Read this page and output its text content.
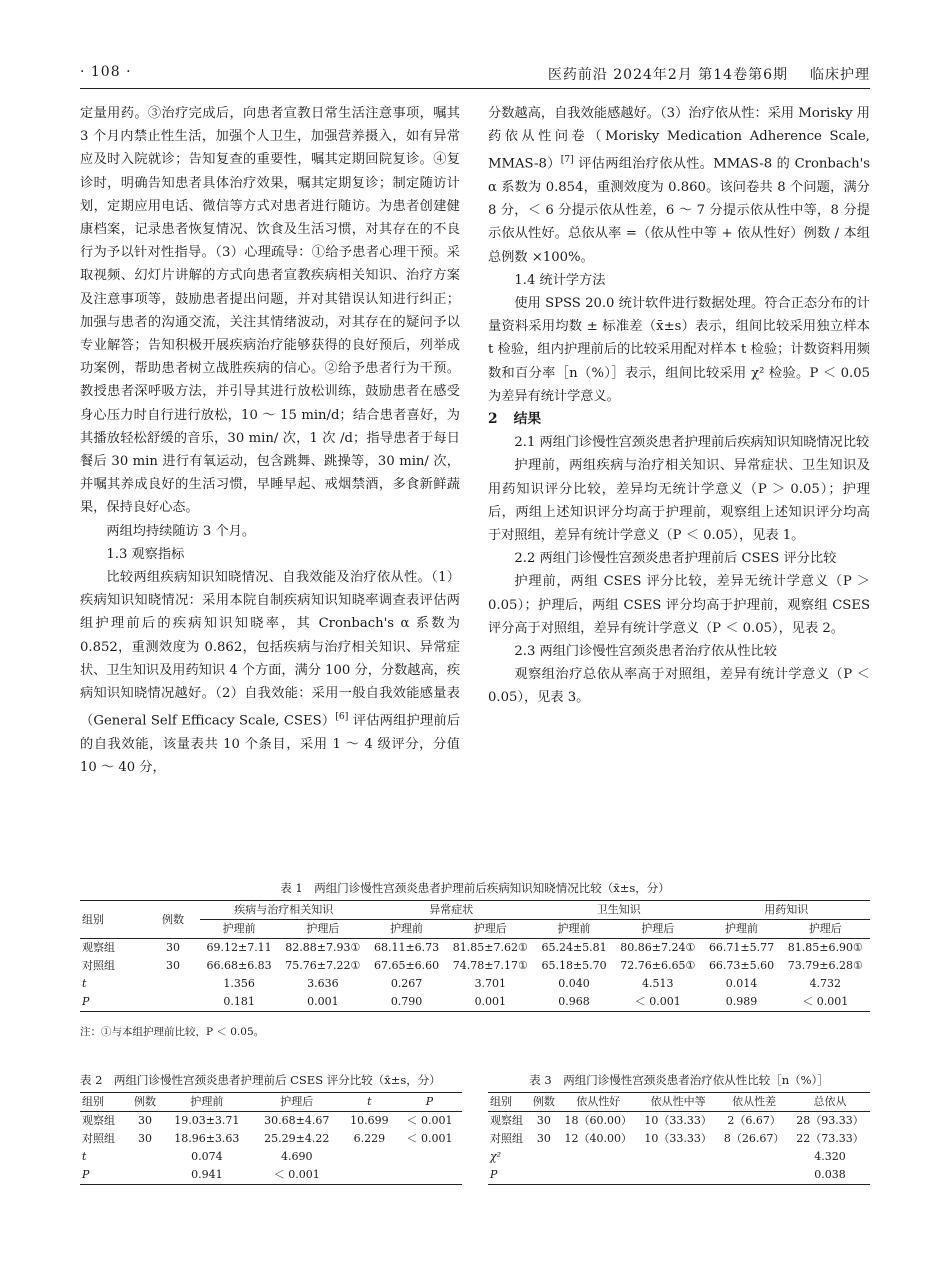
· 108 ·	医药前沿 2024年2月 第14卷第6期 临床护理

定量用药。③治疗完成后，向患者宣教日常生活注意事项，嘱其 3 个月内禁止性生活，加强个人卫生，加强营养摄入，如有异常应及时入院就诊；告知复查的重要性，嘱其定期回院复诊。④复诊时，明确告知患者具体治疗效果，嘱其定期复诊；制定随访计划，定期应用电话、微信等方式对患者进行随访。为患者创建健康档案，记录患者恢复情况、饮食及生活习惯，对其存在的不良行为予以针对性指导。（3）心理疏导：①给予患者心理干预。采取视频、幻灯片讲解的方式向患者宣教疾病相关知识、治疗方案及注意事项等，鼓励患者提出问题，并对其错误认知进行纠正；加强与患者的沟通交流，关注其情绪波动，对其存在的疑问予以专业解答；告知积极开展疾病治疗能够获得的良好预后，列举成功案例，帮助患者树立战胜疾病的信心。②给予患者行为干预。教授患者深呼吸方法，并引导其进行放松训练，鼓励患者在感受身心压力时自行进行放松，10 ～ 15 min/d；结合患者喜好，为其播放轻松舒缓的音乐，30 min/ 次，1 次 /d；指导患者于每日餐后 30 min 进行有氧运动，包含跳舞、跳操等，30 min/ 次，并嘱其养成良好的生活习惯，早睡早起、戒烟禁酒，多食新鲜蔬果，保持良好心态。

两组均持续随访 3 个月。

1.3 观察指标

比较两组疾病知识知晓情况、自我效能及治疗依从性。（1）疾病知识知晓情况：采用本院自制疾病知识知晓率调查表评估两组护理前后的疾病知识知晓率，其 Cronbach's α 系数为 0.852，重测效度为 0.862，包括疾病与治疗相关知识、异常症状、卫生知识及用药知识 4 个方面，满分 100 分，分数越高，疾病知识知晓情况越好。（2）自我效能：采用一般自我效能感量表（General Self Efficacy Scale, CSES）[6] 评估两组护理前后的自我效能，该量表共 10 个条目，采用 1 ～ 4 级评分，分值 10 ～ 40 分，

分数越高，自我效能感越好。（3）治疗依从性：采用 Morisky 用药依从性问卷（Morisky Medication Adherence Scale, MMAS-8）[7] 评估两组治疗依从性。MMAS-8 的 Cronbach's α 系数为 0.854，重测效度为 0.860。该问卷共 8 个问题，满分 8 分，＜ 6 分提示依从性差，6 ～ 7 分提示依从性中等，8 分提示依从性好。总依从率 =（依从性中等 + 依从性好）例数 / 本组总例数 ×100%。

1.4 统计学方法

使用 SPSS 20.0 统计软件进行数据处理。符合正态分布的计量资料采用均数 ± 标准差（x̄±s）表示，组间比较采用独立样本 t 检验，组内护理前后的比较采用配对样本 t 检验；计数资料用频数和百分率［n（%）］表示，组间比较采用 χ² 检验。P ＜ 0.05 为差异有统计学意义。

2 结果
2.1 两组门诊慢性宫颈炎患者护理前后疾病知识知晓情况比较

护理前，两组疾病与治疗相关知识、异常症状、卫生知识及用药知识评分比较，差异均无统计学意义（P ＞ 0.05）；护理后，两组上述知识评分均高于护理前，观察组上述知识评分均高于对照组，差异有统计学意义（P ＜ 0.05），见表 1。

2.2 两组门诊慢性宫颈炎患者护理前后 CSES 评分比较

护理前，两组 CSES 评分比较，差异无统计学意义（P ＞ 0.05）；护理后，两组 CSES 评分均高于护理前，观察组 CSES 评分高于对照组，差异有统计学意义（P ＜ 0.05），见表 2。

2.3 两组门诊慢性宫颈炎患者治疗依从性比较

观察组治疗总依从率高于对照组，差异有统计学意义（P ＜ 0.05），见表 3。

表 1　两组门诊慢性宫颈炎患者护理前后疾病知识知晓情况比较（x̄±s，分）
组别	例数	疾病与治疗相关知识		异常症状		卫生知识		用药知识	
		护理前	护理后	护理前	护理后	护理前	护理后	护理前	护理后
观察组	30	69.12±7.11	82.88±7.93①	68.11±6.73	81.85±7.62①	65.24±5.81	80.86±7.24①	66.71±5.77	81.85±6.90①
对照组	30	66.68±6.83	75.76±7.22①	67.65±6.60	74.78±7.17①	65.18±5.70	72.76±6.65①	66.73±5.60	73.79±6.28①
t		1.356	3.636	0.267	3.701	0.040	4.513	0.014	4.732
P		0.181	0.001	0.790	0.001	0.968	＜ 0.001	0.989	＜ 0.001
注：①与本组护理前比较，P ＜ 0.05。
表 2　两组门诊慢性宫颈炎患者护理前后 CSES 评分比较（x̄±s，分）
组别	例数	护理前	护理后	t	P
观察组	30	19.03±3.71	30.68±4.67	10.699	＜ 0.001
对照组	30	18.96±3.63	25.29±4.22	6.229	＜ 0.001
t		0.074	4.690		
P		0.941	＜ 0.001		
表 3　两组门诊慢性宫颈炎患者治疗依从性比较［n（%）］
组别	例数	依从性好	依从性中等	依从性差	总依从
观察组	30	18（60.00）	10（33.33）	2（6.67）	28（93.33）
对照组	30	12（40.00）	10（33.33）	8（26.67）	22（73.33）
χ²					4.320
P					0.038
